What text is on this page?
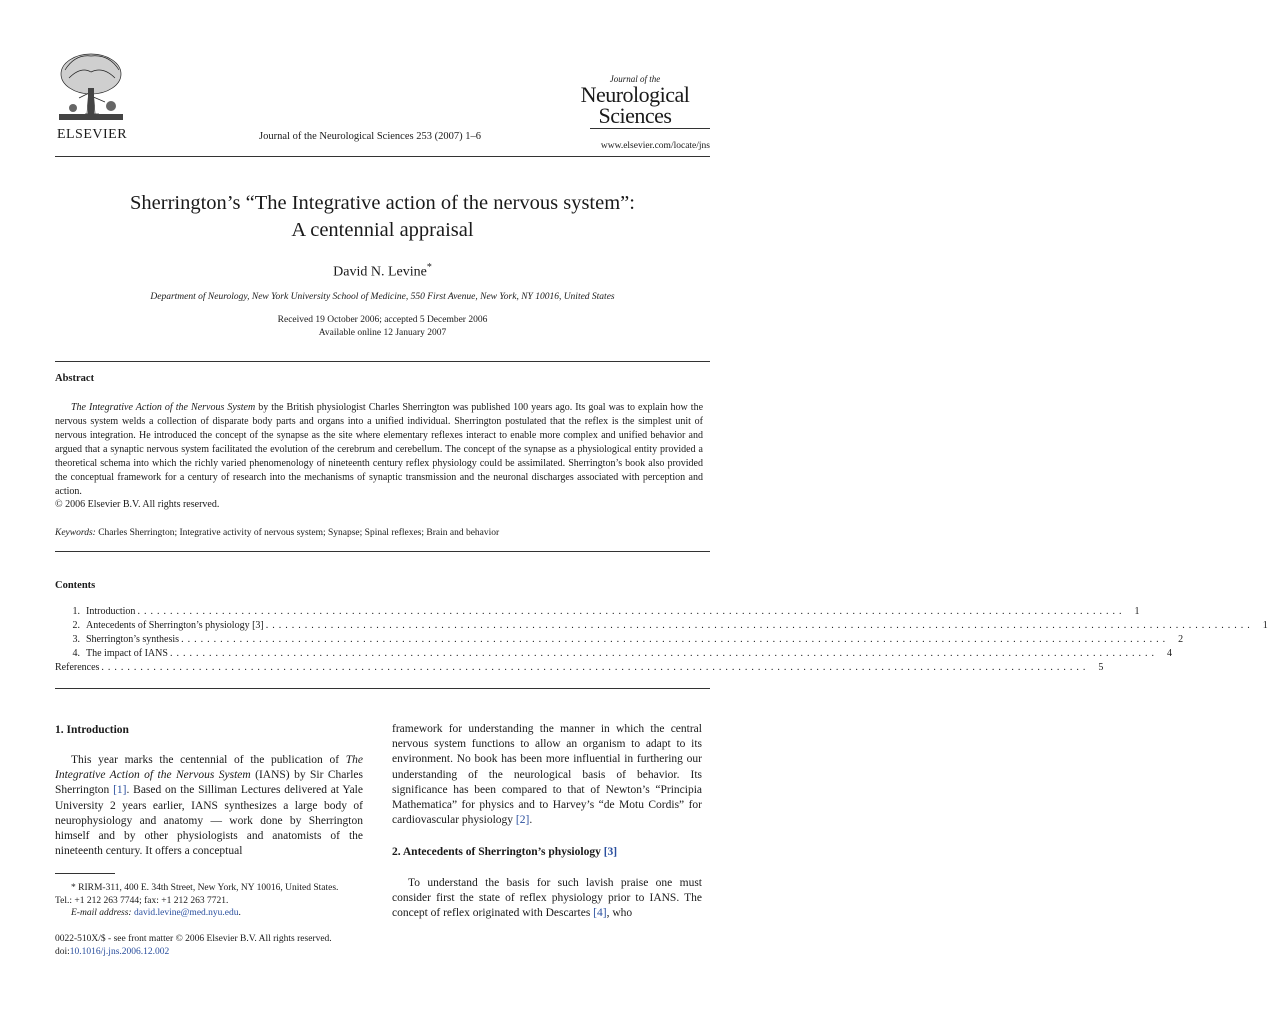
ELSEVIER	Journal of the Neurological Sciences 253 (2007) 1–6
Journal of the
Neurological
Sciences
www.elsevier.com/locate/jns
Sherrington’s “The Integrative action of the nervous system”:
A centennial appraisal
David N. Levine*
Department of Neurology, New York University School of Medicine, 550 First Avenue, New York, NY 10016, United States
Received 19 October 2006; accepted 5 December 2006
Available online 12 January 2007
Abstract

The Integrative Action of the Nervous System by the British physiologist Charles Sherrington was published 100 years ago. Its goal was to explain how the nervous system welds a collection of disparate body parts and organs into a unified individual. Sherrington postulated that the reflex is the simplest unit of nervous integration. He introduced the concept of the synapse as the site where elementary reflexes interact to enable more complex and unified behavior and argued that a synaptic nervous system facilitated the evolution of the cerebrum and cerebellum. The concept of the synapse as a physiological entity provided a theoretical schema into which the richly varied phenomenology of nineteenth century reflex physiology could be assimilated. Sherrington’s book also provided the conceptual framework for a century of research into the mechanisms of synaptic transmission and the neuronal discharges associated with perception and action.

© 2006 Elsevier B.V. All rights reserved.
Keywords: Charles Sherrington; Integrative activity of nervous system; Synapse; Spinal reflexes; Brain and behavior
Contents
1. Introduction ........................................................................................................................................................ 1
2. Antecedents of Sherrington’s physiology [3] ........................................................................................................................................................ 1
3. Sherrington’s synthesis ........................................................................................................................................................ 2
4. The impact of IANS ........................................................................................................................................................ 4
References ........................................................................................................................................................ 5
1. Introduction

This year marks the centennial of the publication of The Integrative Action of the Nervous System (IANS) by Sir Charles Sherrington [1]. Based on the Silliman Lectures delivered at Yale University 2 years earlier, IANS synthesizes a large body of neurophysiology and anatomy — work done by Sherrington himself and by other physiologists and anatomists of the nineteenth century. It offers a conceptual

* RIRM-311, 400 E. 34th Street, New York, NY 10016, United States.
Tel.: +1 212 263 7744; fax: +1 212 263 7721.
E-mail address: david.levine@med.nyu.edu.
0022-510X/$ - see front matter © 2006 Elsevier B.V. All rights reserved.
doi:10.1016/j.jns.2006.12.002

framework for understanding the manner in which the central nervous system functions to allow an organism to adapt to its environment. No book has been more influential in furthering our understanding of the neurological basis of behavior. Its significance has been compared to that of Newton’s “Principia Mathematica” for physics and to Harvey’s “de Motu Cordis” for cardiovascular physiology [2].

2. Antecedents of Sherrington’s physiology [3]

To understand the basis for such lavish praise one must consider first the state of reflex physiology prior to IANS. The concept of reflex originated with Descartes [4], who
